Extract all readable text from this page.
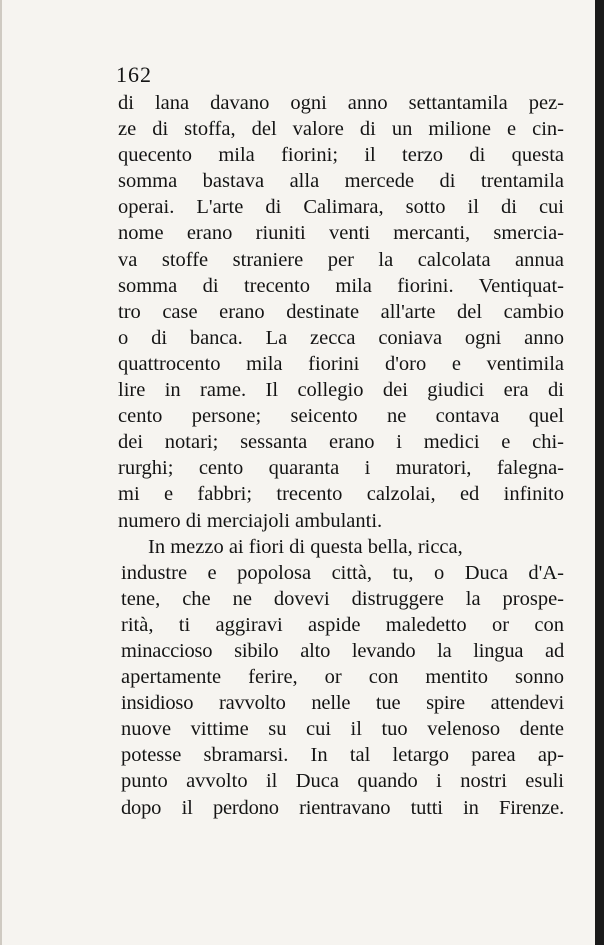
162
di lana davano ogni anno settantamila pez-
ze di stoffa, del valore di un milione e cin-
quecento mila fiorini; il terzo di questa
somma bastava alla mercede di trentamila
operai. L'arte di Calimara, sotto il di cui
nome erano riuniti venti mercanti, smercia-
va stoffe straniere per la calcolata annua
somma di trecento mila fiorini. Ventiquat-
tro case erano destinate all'arte del cambio
o di banca. La zecca coniava ogni anno
quattrocento mila fiorini d'oro e ventimila
lire in rame. Il collegio dei giudici era di
cento persone; seicento ne contava quel
dei notari; sessanta erano i medici e chi-
rurghi; cento quaranta i muratori, falegna-
mi e fabbri; trecento calzolai, ed infinito
numero di merciajoli ambulanti.
In mezzo ai fiori di questa bella, ricca,
industre e popolosa città, tu, o Duca d'A-
tene, che ne dovevi distruggere la prospe-
rità, ti aggiravi aspide maledetto or con
minaccioso sibilo alto levando la lingua ad
apertamente ferire, or con mentito sonno
insidioso ravvolto nelle tue spire attendevi
nuove vittime su cui il tuo velenoso dente
potesse sbramarsi. In tal letargo parea ap-
punto avvolto il Duca quando i nostri esuli
dopo il perdono rientravano tutti in Firenze.
